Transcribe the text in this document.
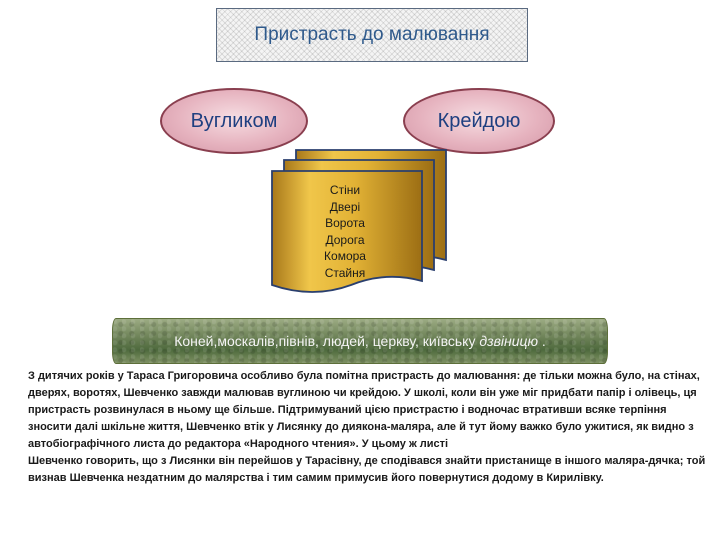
Пристрасть до малювання
Вугликом	Крейдою
Стіни
Двері
Ворота
Дорога
Комора
Стайня
Коней,москалів,півнів, людей, церкву, київську дзвіницю .

З дитячих років у Тараса Григоровича особливо була помітна пристрасть до малювання: де тільки можна було, на стінах, дверях, воротях, Шевченко завжди малював вуглиною чи крейдою. У школі, коли він уже міг придбати папір і олівець, ця пристрасть розвинулася в ньому ще більше. Підтримуваний цією пристрастю і водночас втративши всяке терпіння зносити далі шкільне життя, Шевченко втік у Лисянку до диякона-маляра, але й тут йому важко було ужитися, як видно з автобіографічного листа до редактора «Народного чтения». У цьому ж листі

Шевченко говорить, що з Лисянки він перейшов у Тарасівну, де сподівався знайти пристанище в іншого маляра-дячка; той визнав Шевченка нездатним до малярства і тим самим примусив його повернутися додому в Кирилівку.
